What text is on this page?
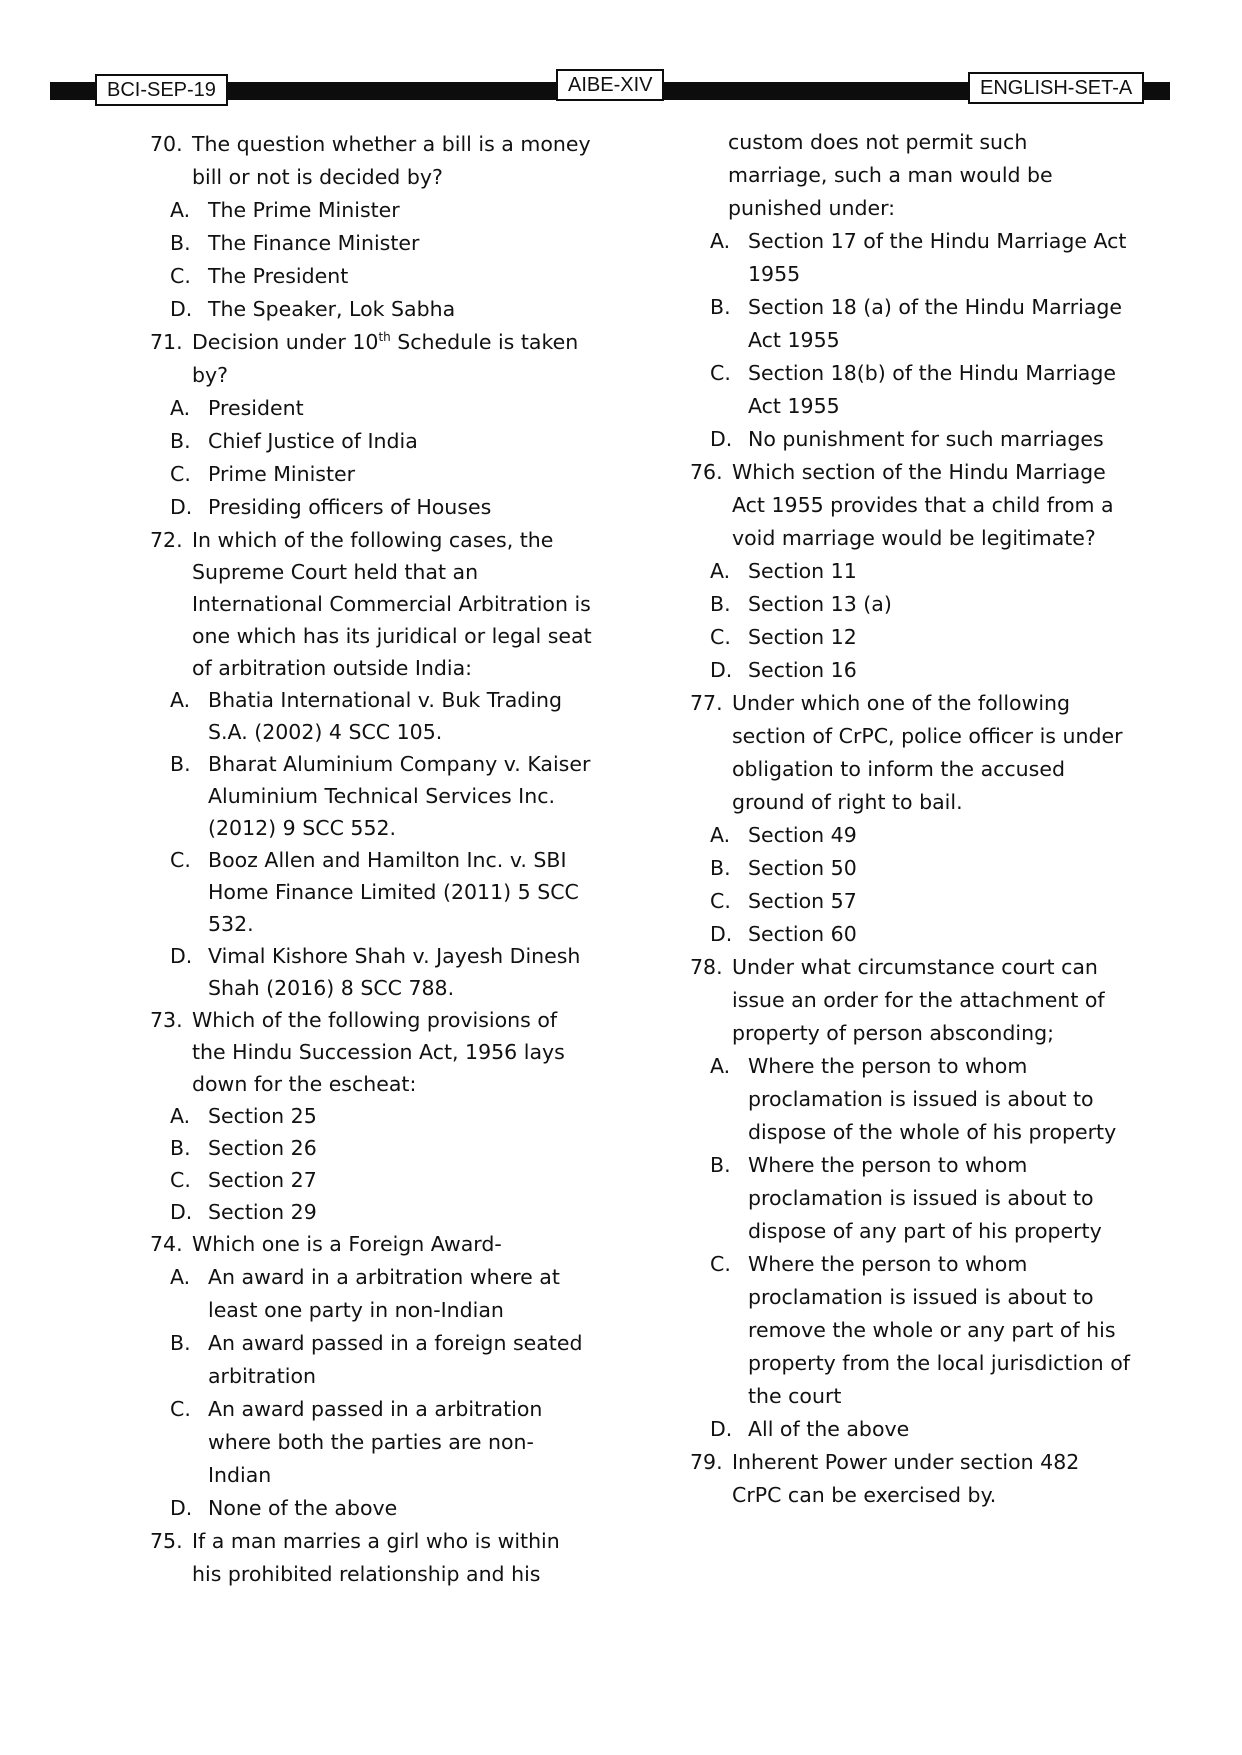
BCI-SEP-19	AIBE-XIV	ENGLISH-SET-A

70. The question whether a bill is a money bill or not is decided by?

A. The Prime Minister
B. The Finance Minister
C. The President
D. The Speaker, Lok Sabha

71. Decision under 10th Schedule is taken by?

A. President
B. Chief Justice of India
C. Prime Minister
D. Presiding officers of Houses

72. In which of the following cases, the Supreme Court held that an International Commercial Arbitration is one which has its juridical or legal seat of arbitration outside India:

A. Bhatia International v. Buk Trading S.A. (2002) 4 SCC 105.
B. Bharat Aluminium Company v. Kaiser Aluminium Technical Services Inc. (2012) 9 SCC 552.
C. Booz Allen and Hamilton Inc. v. SBI Home Finance Limited (2011) 5 SCC 532.
D. Vimal Kishore Shah v. Jayesh Dinesh Shah (2016) 8 SCC 788.

73. Which of the following provisions of the Hindu Succession Act, 1956 lays down for the escheat:

A. Section 25
B. Section 26
C. Section 27
D. Section 29

74. Which one is a Foreign Award-

A. An award in a arbitration where at least one party in non-Indian
B. An award passed in a foreign seated arbitration
C. An award passed in a arbitration where both the parties are non-Indian
D. None of the above

75. If a man marries a girl who is within his prohibited relationship and his

custom does not permit such marriage, such a man would be punished under:
A. Section 17 of the Hindu Marriage Act 1955
B. Section 18 (a) of the Hindu Marriage Act 1955
C. Section 18(b) of the Hindu Marriage Act 1955
D. No punishment for such marriages

76. Which section of the Hindu Marriage Act 1955 provides that a child from a void marriage would be legitimate?

A. Section 11
B. Section 13 (a)
C. Section 12
D. Section 16

77. Under which one of the following section of CrPC, police officer is under obligation to inform the accused ground of right to bail.

A. Section 49
B. Section 50
C. Section 57
D. Section 60

78. Under what circumstance court can issue an order for the attachment of property of person absconding;

A. Where the person to whom proclamation is issued is about to dispose of the whole of his property
B. Where the person to whom proclamation is issued is about to dispose of any part of his property
C. Where the person to whom proclamation is issued is about to remove the whole or any part of his property from the local jurisdiction of the court
D. All of the above

79. Inherent Power under section 482 CrPC can be exercised by.
